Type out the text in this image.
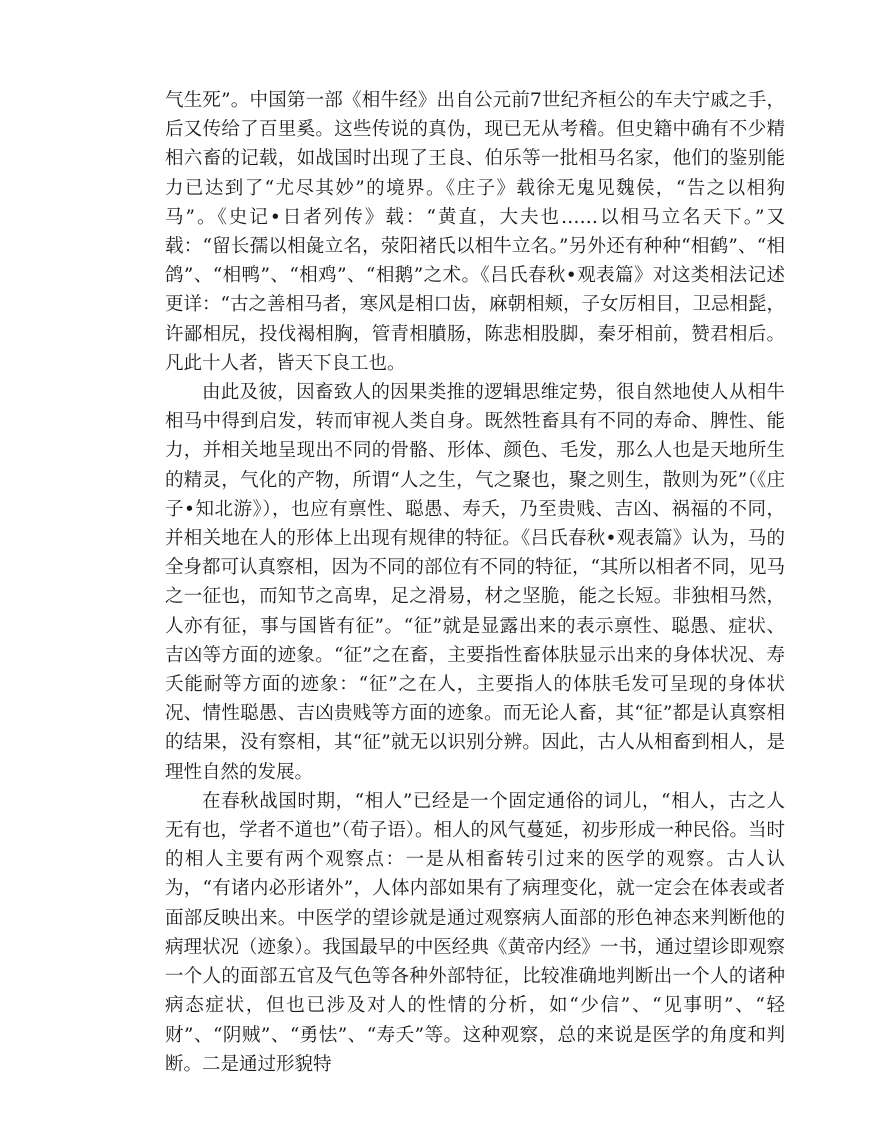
气生死”。中国第一部《相牛经》出自公元前7世纪齐桓公的车夫宁戚之手，后又传给了百里奚。这些传说的真伪，现已无从考稽。但史籍中确有不少精相六畜的记载，如战国时出现了王良、伯乐等一批相马名家，他们的鉴别能力已达到了“尤尽其妙”的境界。《庄子》载徐无鬼见魏侯，“告之以相狗马”。《史记•日者列传》载：“黄直，大夫也……以相马立名天下。”又载：“留长孺以相彘立名，荥阳褚氏以相牛立名。”另外还有种种“相鹤”、“相鸽”、“相鸭”、“相鸡”、“相鹅”之术。《吕氏春秋•观表篇》对这类相法记述更详：“古之善相马者，寒风是相口齿，麻朝相颊，子女厉相目，卫忌相髭，许鄙相尻，投伐褐相胸，管青相膹肠，陈悲相股脚，秦牙相前，赞君相后。凡此十人者，皆天下良工也。

由此及彼，因畜致人的因果类推的逻辑思维定势，很自然地使人从相牛相马中得到启发，转而审视人类自身。既然牲畜具有不同的寿命、脾性、能力，并相关地呈现出不同的骨骼、形体、颜色、毛发，那么人也是天地所生的精灵，气化的产物，所谓“人之生，气之聚也，聚之则生，散则为死”（《庄子•知北游》），也应有禀性、聪愚、寿夭，乃至贵贱、吉凶、祸福的不同，并相关地在人的形体上出现有规律的特征。《吕氏春秋•观表篇》认为，马的全身都可认真察相，因为不同的部位有不同的特征，“其所以相者不同，见马之一征也，而知节之高卑，足之滑易，材之坚脆，能之长短。非独相马然，人亦有征，事与国皆有征”。“征”就是显露出来的表示禀性、聪愚、症状、吉凶等方面的迹象。“征”之在畜，主要指性畜体肤显示出来的身体状况、寿夭能耐等方面的迹象：“征”之在人，主要指人的体肤毛发可呈现的身体状况、情性聪愚、吉凶贵贱等方面的迹象。而无论人畜，其“征”都是认真察相的结果，没有察相，其“征”就无以识别分辨。因此，古人从相畜到相人，是理性自然的发展。

在春秋战国时期，“相人”已经是一个固定通俗的词儿，“相人，古之人无有也，学者不道也”（荀子语）。相人的风气蔓延，初步形成一种民俗。当时的相人主要有两个观察点：一是从相畜转引过来的医学的观察。古人认为，“有诸内必形诸外”，人体内部如果有了病理变化，就一定会在体表或者面部反映出来。中医学的望诊就是通过观察病人面部的形色神态来判断他的病理状况（迹象）。我国最早的中医经典《黄帝内经》一书，通过望诊即观察一个人的面部五官及气色等各种外部特征，比较准确地判断出一个人的诸种病态症状，但也已涉及对人的性情的分析，如“少信”、“见事明”、“轻财”、“阴贼”、“勇怯”、“寿夭”等。这种观察，总的来说是医学的角度和判断。二是通过形貌特
